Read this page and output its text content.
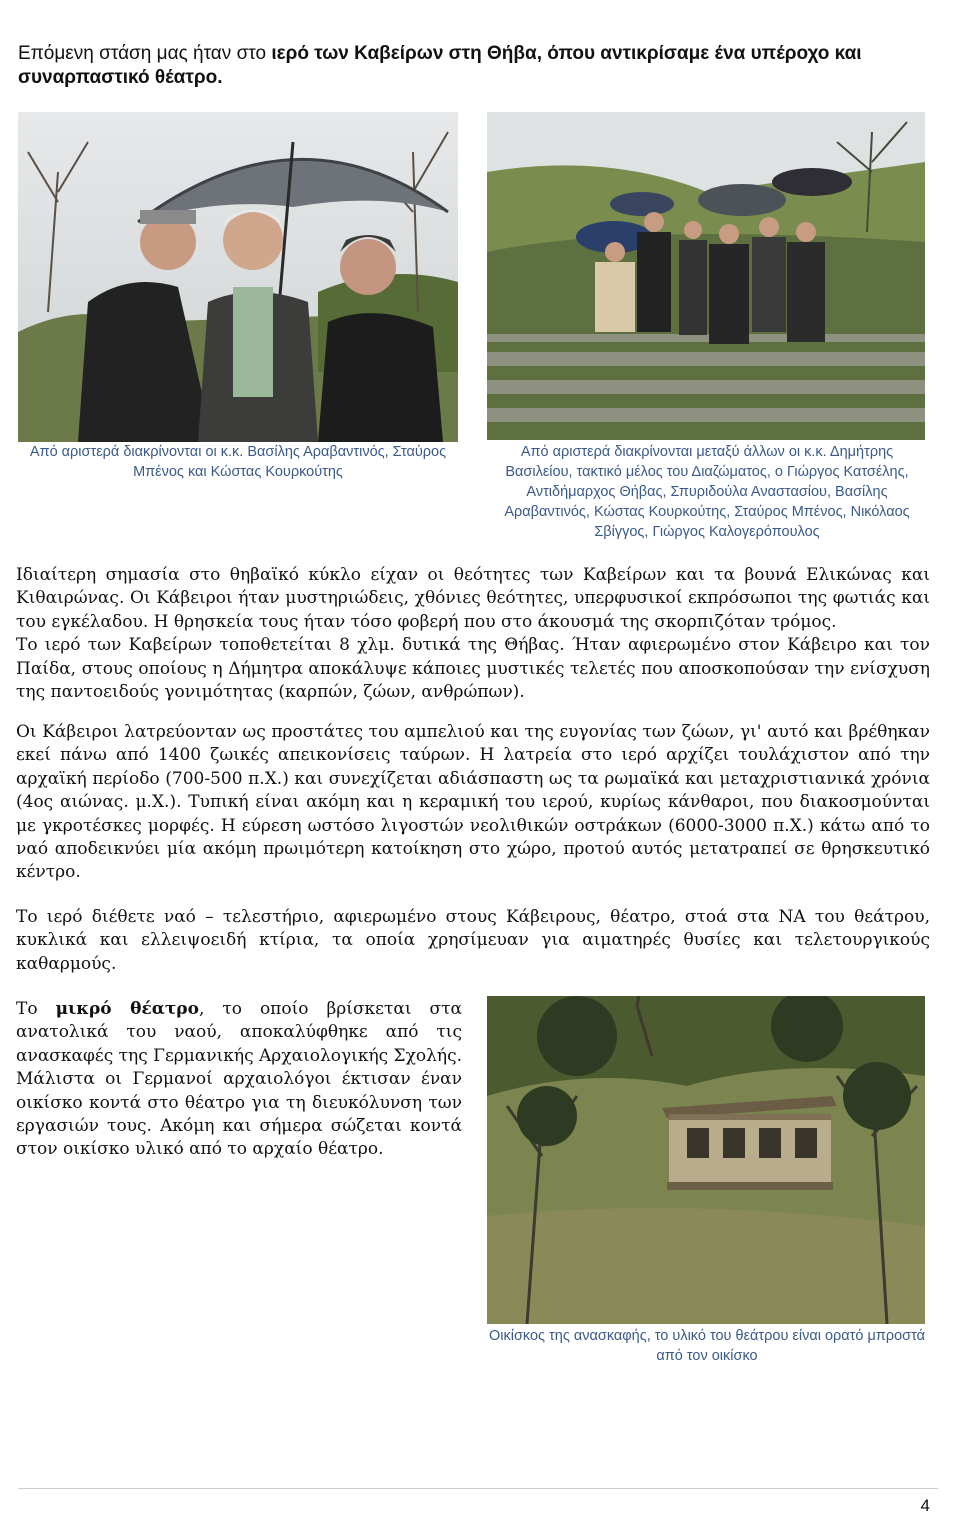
Επόμενη στάση μας ήταν στο ιερό των Καβείρων στη Θήβα, όπου αντικρίσαμε ένα υπέροχο και συναρπαστικό θέατρο.
Από αριστερά διακρίνονται οι κ.κ. Βασίλης Αραβαντινός, Σταύρος Μπένος και Κώστας Κουρκούτης
Από αριστερά διακρίνονται μεταξύ άλλων οι κ.κ. Δημήτρης Βασιλείου, τακτικό μέλος του Διαζώματος, ο Γιώργος Κατσέλης, Αντιδήμαρχος Θήβας, Σπυριδούλα Αναστασίου, Βασίλης Αραβαντινός, Κώστας Κουρκούτης, Σταύρος Μπένος, Νικόλαος Σβίγγος, Γιώργος Καλογερόπουλος
Ιδιαίτερη σημασία στο θηβαϊκό κύκλο είχαν οι θεότητες των Καβείρων και τα βουνά Ελικώνας και Κιθαιρώνας. Οι Κάβειροι ήταν μυστηριώδεις, χθόνιες θεότητες, υπερφυσικοί εκπρόσωποι της φωτιάς και του εγκέλαδου. Η θρησκεία τους ήταν τόσο φοβερή που στο άκουσμά της σκορπιζόταν τρόμος.
Το ιερό των Καβείρων τοποθετείται 8 χλμ. δυτικά της Θήβας. Ήταν αφιερωμένο στον Κάβειρο και τον Παίδα, στους οποίους η Δήμητρα αποκάλυψε κάποιες μυστικές τελετές που αποσκοπούσαν την ενίσχυση της παντοειδούς γονιμότητας (καρπών, ζώων, ανθρώπων).
Οι Κάβειροι λατρεύονταν ως προστάτες του αμπελιού και της ευγονίας των ζώων, γι' αυτό και βρέθηκαν εκεί πάνω από 1400 ζωικές απεικονίσεις ταύρων. Η λατρεία στο ιερό αρχίζει τουλάχιστον από την αρχαϊκή περίοδο (700-500 π.Χ.) και συνεχίζεται αδιάσπαστη ως τα ρωμαϊκά και μεταχριστιανικά χρόνια (4ος αιώνας. μ.Χ.). Τυπική είναι ακόμη και η κεραμική του ιερού, κυρίως κάνθαροι, που διακοσμούνται με γκροτέσκες μορφές. Η εύρεση ωστόσο λιγοστών νεολιθικών οστράκων (6000-3000 π.Χ.) κάτω από το ναό αποδεικνύει μία ακόμη πρωιμότερη κατοίκηση στο χώρο, προτού αυτός μετατραπεί σε θρησκευτικό κέντρο.
Το ιερό διέθετε ναό – τελεστήριο, αφιερωμένο στους Κάβειρους, θέατρο, στοά στα ΝΑ του θεάτρου, κυκλικά και ελλειψοειδή κτίρια, τα οποία χρησίμευαν για αιματηρές θυσίες και τελετουργικούς καθαρμούς.
Το μικρό θέατρο, το οποίο βρίσκεται στα ανατολικά του ναού, αποκαλύφθηκε από τις ανασκαφές της Γερμανικής Αρχαιολογικής Σχολής. Μάλιστα οι Γερμανοί αρχαιολόγοι έκτισαν έναν οικίσκο κοντά στο θέατρο για τη διευκόλυνση των εργασιών τους. Ακόμη και σήμερα σώζεται κοντά στον οικίσκο υλικό από το αρχαίο θέατρο.
Οικίσκος της ανασκαφής, το υλικό του θεάτρου είναι ορατό μπροστά από τον οικίσκο
4
